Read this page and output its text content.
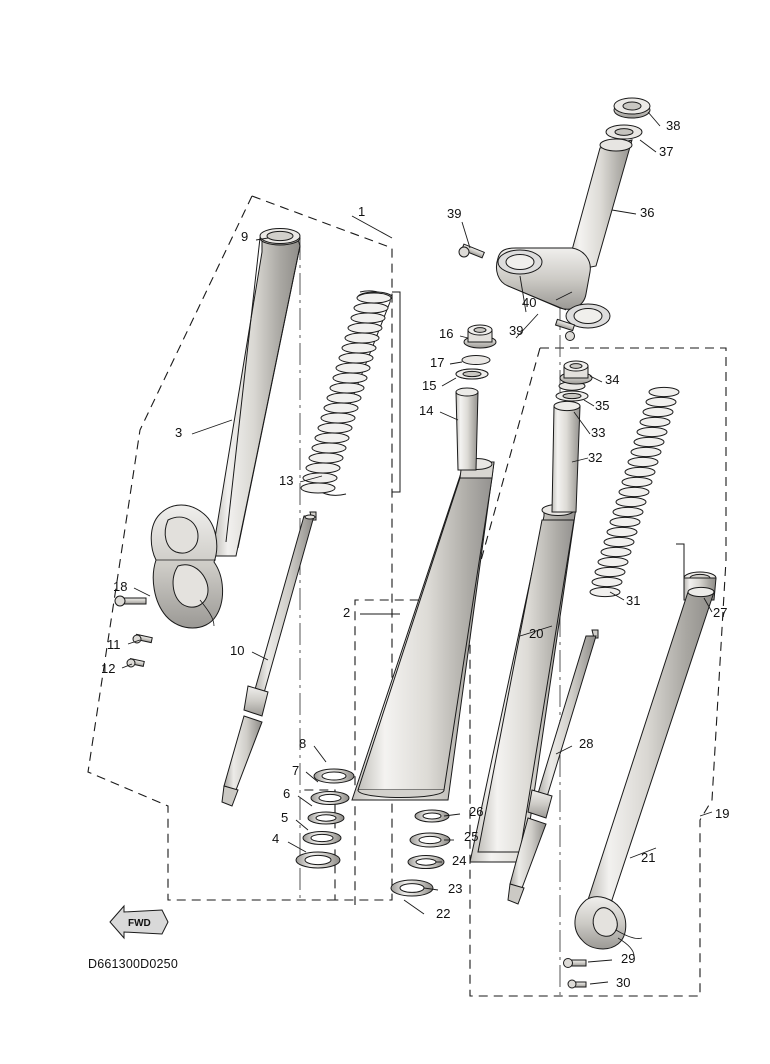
FWD
1
2
3
4
5
6
7
8
9
10
11
12
13
14
15
16
17
18
19
20
21
22
23
24
25
26
27
28
29
30
31
32
33
34
35
36
37
38
39
39
40
D661300D0250
